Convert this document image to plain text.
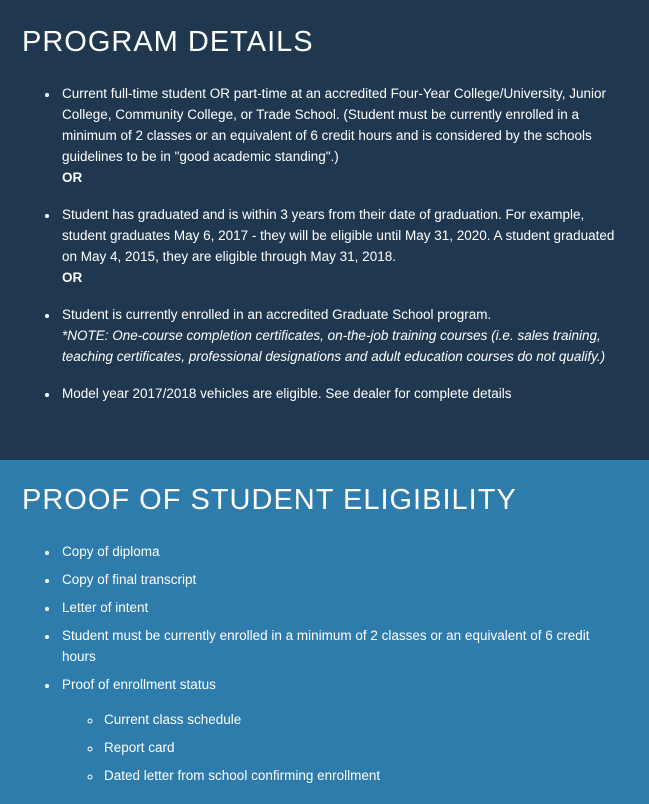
PROGRAM DETAILS
• Current full-time student OR part-time at an accredited Four-Year College/University, Junior College, Community College, or Trade School. (Student must be currently enrolled in a minimum of 2 classes or an equivalent of 6 credit hours and is considered by the schools guidelines to be in "good academic standing".)
OR
• Student has graduated and is within 3 years from their date of graduation. For example, student graduates May 6, 2017 - they will be eligible until May 31, 2020. A student graduated on May 4, 2015, they are eligible through May 31, 2018.
OR
• Student is currently enrolled in an accredited Graduate School program.
*NOTE: One-course completion certificates, on-the-job training courses (i.e. sales training, teaching certificates, professional designations and adult education courses do not qualify.)
• Model year 2017/2018 vehicles are eligible. See dealer for complete details
PROOF OF STUDENT ELIGIBILITY
• Copy of diploma
• Copy of final transcript
• Letter of intent
• Student must be currently enrolled in a minimum of 2 classes or an equivalent of 6 credit hours
• Proof of enrollment status
◦ Current class schedule
◦ Report card
◦ Dated letter from school confirming enrollment
